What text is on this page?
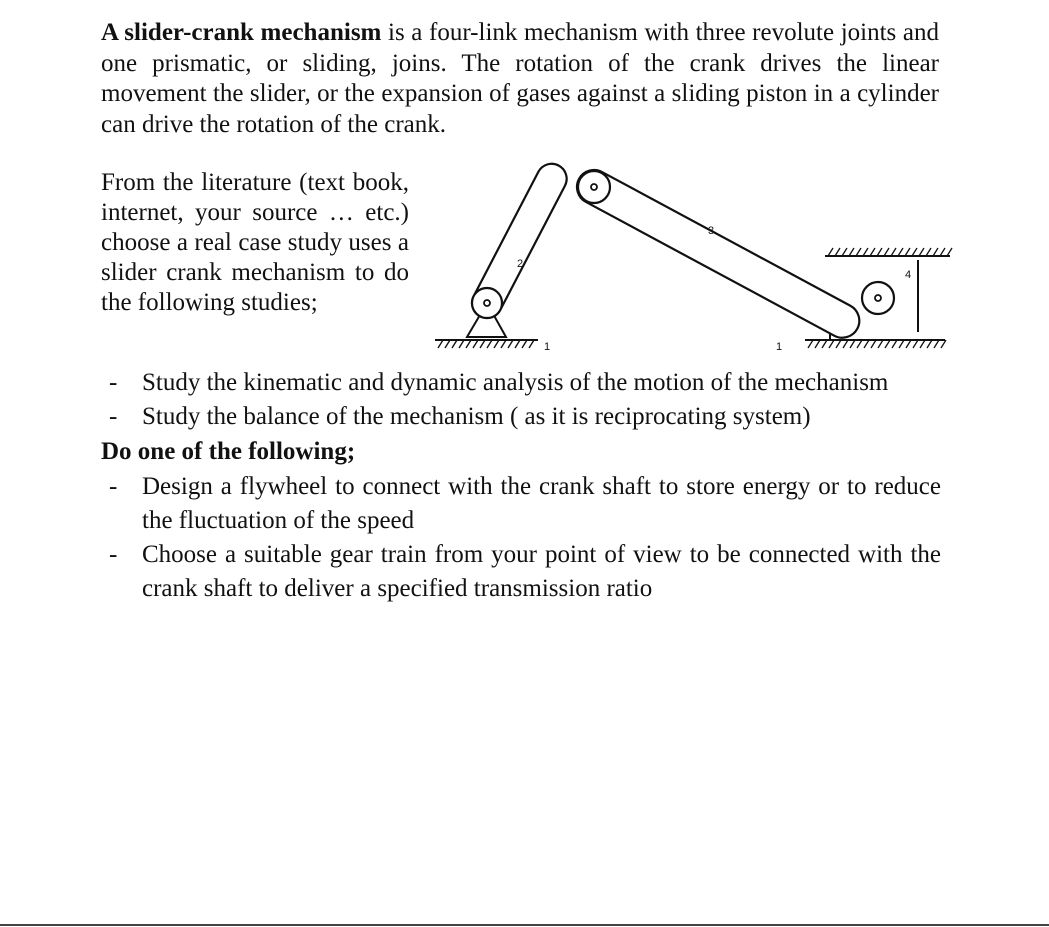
A slider-crank mechanism is a four-link mechanism with three revolute joints and one prismatic, or sliding, joins. The rotation of the crank drives the linear movement the slider, or the expansion of gases against a sliding piston in a cylinder can drive the rotation of the crank.

From the literature (text book, internet, your source … etc.) choose a real case study uses a slider crank mechanism to do the following studies;

2
3
4
1	1
- Study the kinematic and dynamic analysis of the motion of the mechanism
- Study the balance of the mechanism ( as it is reciprocating system)

Do one of the following;

- Design a flywheel to connect with the crank shaft to store energy or to reduce the fluctuation of the speed
- Choose a suitable gear train from your point of view to be connected with the crank shaft to deliver a specified transmission ratio
